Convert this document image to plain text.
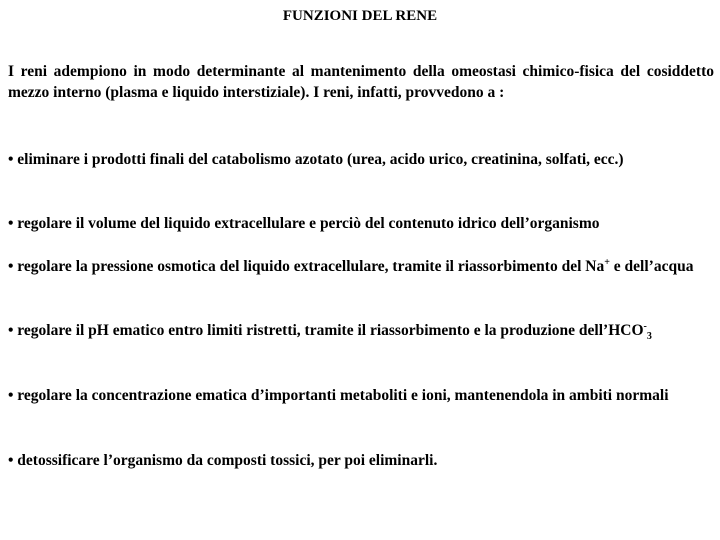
FUNZIONI DEL RENE

I reni adempiono in modo determinante al mantenimento della omeostasi chimico-fisica del cosiddetto mezzo interno (plasma e liquido interstiziale). I reni, infatti, provvedono a :

• eliminare i prodotti finali del catabolismo azotato (urea, acido urico, creatinina, solfati, ecc.)
• regolare il volume del liquido extracellulare e perciò del contenuto idrico dell’organismo
• regolare la pressione osmotica del liquido extracellulare, tramite il riassorbimento del Na+ e dell’acqua
• regolare il pH ematico entro limiti ristretti, tramite il riassorbimento e la produzione $dell’HCO^-_3$
• regolare la concentrazione ematica d’importanti metaboliti e ioni, mantenendola in ambiti normali
• detossificare l’organismo da composti tossici, per poi eliminarli.
